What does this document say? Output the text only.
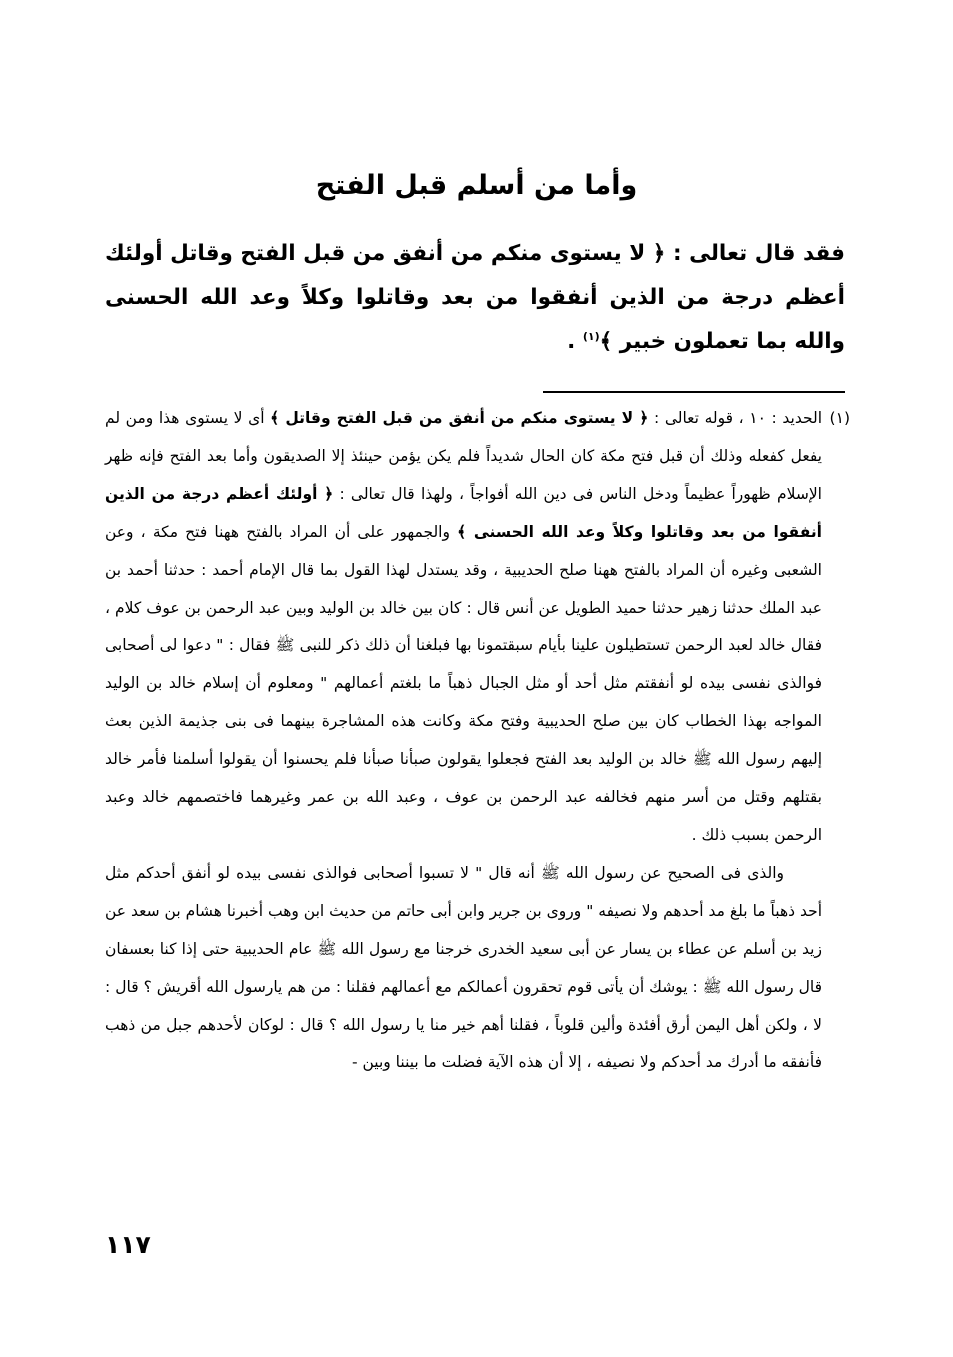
وأما من أسلم قبل الفتح
فقد قال تعالى : ﴿ لا يستوى منكم من أنفق من قبل الفتح وقاتل أولئك أعظم درجة من الذين أنفقوا من بعد وقاتلوا وكلاً وعد الله الحسنى والله بما تعملون خبير ﴾$^{(١)}$ .

(١)
الحديد : ١٠ ، قوله تعالى : ﴿ لا يستوى منكم من أنفق من قبل الفتح وقاتل ﴾ أى لا يستوى هذا ومن لم يفعل كفعله وذلك أن قبل فتح مكة كان الحال شديداً فلم يكن يؤمن حينئذ إلا الصديقون وأما بعد الفتح فإنه ظهر الإسلام ظهوراً عظيماً ودخل الناس فى دين الله أفواجاً ، ولهذا قال تعالى : ﴿ أولئك أعظم درجة من الذين أنفقوا من بعد وقاتلوا وكلاً وعد الله الحسنى ﴾ والجمهور على أن المراد بالفتح ههنا فتح مكة ، وعن الشعبى وغيره أن المراد بالفتح ههنا صلح الحديبية ، وقد يستدل لهذا القول بما قال الإمام أحمد : حدثنا أحمد بن عبد الملك حدثنا زهير حدثنا حميد الطويل عن أنس قال : كان بين خالد بن الوليد وبين عبد الرحمن بن عوف كلام ، فقال خالد لعبد الرحمن تستطيلون علينا بأيام سبقتمونا بها فبلغنا أن ذلك ذكر للنبى ﷺ فقال : " دعوا لى أصحابى فوالذى نفسى بيده لو أنفقتم مثل أحد أو مثل الجبال ذهباً ما بلغتم أعمالهم " ومعلوم أن إسلام خالد بن الوليد المواجه بهذا الخطاب كان بين صلح الحديبية وفتح مكة وكانت هذه المشاجرة بينهما فى بنى جذيمة الذين بعث إليهم رسول الله ﷺ خالد بن الوليد بعد الفتح فجعلوا يقولون صبأنا صبأنا فلم يحسنوا أن يقولوا أسلمنا فأمر خالد بقتلهم وقتل من أسر منهم فخالفه عبد الرحمن بن عوف ، وعبد الله بن عمر وغيرهما فاختصمهم خالد وعبد الرحمن بسبب ذلك .

والذى فى الصحيح عن رسول الله ﷺ أنه قال " لا تسبوا أصحابى فوالذى نفسى بيده لو أنفق أحدكم مثل أحد ذهباً ما بلغ مد أحدهم ولا نصيفه " وروى بن جرير وابن أبى حاتم من حديث ابن وهب أخبرنا هشام بن سعد عن زيد بن أسلم عن عطاء بن يسار عن أبى سعيد الخدرى خرجنا مع رسول الله ﷺ عام الحديبية حتى إذا كنا بعسفان قال رسول الله ﷺ : يوشك أن يأتى قوم تحقرون أعمالكم مع أعمالهم فقلنا : من هم يارسول الله أقريش ؟ قال : لا ، ولكن أهل اليمن أرق أفئدة وألين قلوباً ، فقلنا أهم خير منا يا رسول الله ؟ قال : لوكان لأحدهم جبل من ذهب فأنفقه ما أدرك مد أحدكم ولا نصيفه ، إلا أن هذه الآية فضلت ما بيننا وبين -

١١٧
